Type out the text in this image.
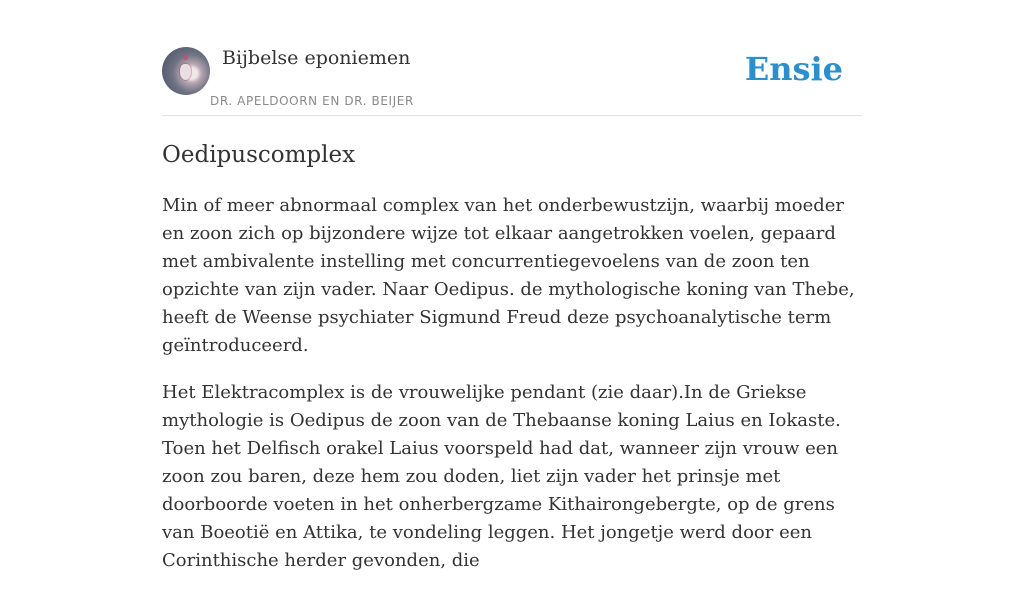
Bijbelse eponiemen
DR. APELDOORN EN DR. BEIJER
Ensie
Oedipuscomplex

Min of meer abnormaal complex van het onderbewustzijn, waarbij moeder en zoon zich op bijzondere wijze tot elkaar aangetrokken voelen, gepaard met ambivalente instelling met concurrentiegevoelens van de zoon ten opzichte van zijn vader. Naar Oedipus. de mythologische koning van Thebe, heeft de Weense psychiater Sigmund Freud deze psychoanalytische term geïntroduceerd.

Het Elektracomplex is de vrouwelijke pendant (zie daar).In de Griekse mythologie is Oedipus de zoon van de Thebaanse koning Laius en Iokaste. Toen het Delfisch orakel Laius voorspeld had dat, wanneer zijn vrouw een zoon zou baren, deze hem zou doden, liet zijn vader het prinsje met doorboorde voeten in het onherbergzame Kithairongebergte, op de grens van Boeotië en Attika, te vondeling leggen. Het jongetje werd door een Corinthische herder gevonden, die
